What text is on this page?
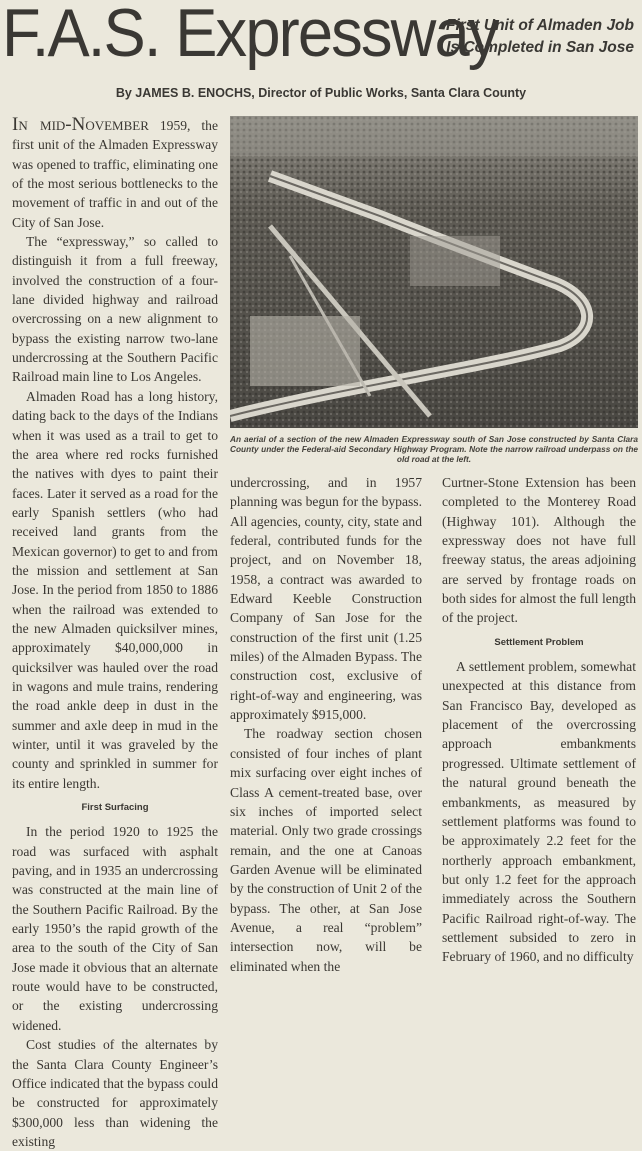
F.A.S. Expressway
First Unit of Almaden Job
Is Completed in San Jose
By JAMES B. ENOCHS, Director of Public Works, Santa Clara County

In mid-November 1959, the first unit of the Almaden Expressway was opened to traffic, eliminating one of the most serious bottlenecks to the movement of traffic in and out of the City of San Jose.

The “expressway,” so called to distinguish it from a full freeway, involved the construction of a four-lane divided highway and railroad overcrossing on a new alignment to bypass the existing narrow two-lane undercrossing at the Southern Pacific Railroad main line to Los Angeles.

Almaden Road has a long history, dating back to the days of the Indians when it was used as a trail to get to the area where red rocks furnished the natives with dyes to paint their faces. Later it served as a road for the early Spanish settlers (who had received land grants from the Mexican governor) to get to and from the mission and settlement at San Jose. In the period from 1850 to 1886 when the railroad was extended to the new Almaden quicksilver mines, approximately $40,000,000 in quicksilver was hauled over the road in wagons and mule trains, rendering the road ankle deep in dust in the summer and axle deep in mud in the winter, until it was graveled by the county and sprinkled in summer for its entire length.

First Surfacing

In the period 1920 to 1925 the road was surfaced with asphalt paving, and in 1935 an undercrossing was constructed at the main line of the Southern Pacific Railroad. By the early 1950’s the rapid growth of the area to the south of the City of San Jose made it obvious that an alternate route would have to be constructed, or the existing undercrossing widened.

Cost studies of the alternates by the Santa Clara County Engineer’s Office indicated that the bypass could be constructed for approximately $300,000 less than widening the existing

An aerial of a section of the new Almaden Expressway south of San Jose constructed by Santa Clara County under the Federal-aid Secondary Highway Program. Note the narrow railroad underpass on the old road at the left.

undercrossing, and in 1957 planning was begun for the bypass. All agencies, county, city, state and federal, contributed funds for the project, and on November 18, 1958, a contract was awarded to Edward Keeble Construction Company of San Jose for the construction of the first unit (1.25 miles) of the Almaden Bypass. The construction cost, exclusive of right-of-way and engineering, was approximately $915,000.

The roadway section chosen consisted of four inches of plant mix surfacing over eight inches of Class A cement-treated base, over six inches of imported select material. Only two grade crossings remain, and the one at Canoas Garden Avenue will be eliminated by the construction of Unit 2 of the bypass. The other, at San Jose Avenue, a real “problem” intersection now, will be eliminated when the

Curtner-Stone Extension has been completed to the Monterey Road (Highway 101). Although the expressway does not have full freeway status, the areas adjoining are served by frontage roads on both sides for almost the full length of the project.

Settlement Problem

A settlement problem, somewhat unexpected at this distance from San Francisco Bay, developed as placement of the overcrossing approach embankments progressed. Ultimate settlement of the natural ground beneath the embankments, as measured by settlement platforms was found to be approximately 2.2 feet for the northerly approach embankment, but only 1.2 feet for the approach immediately across the Southern Pacific Railroad right-of-way. The settlement subsided to zero in February of 1960, and no difficulty
